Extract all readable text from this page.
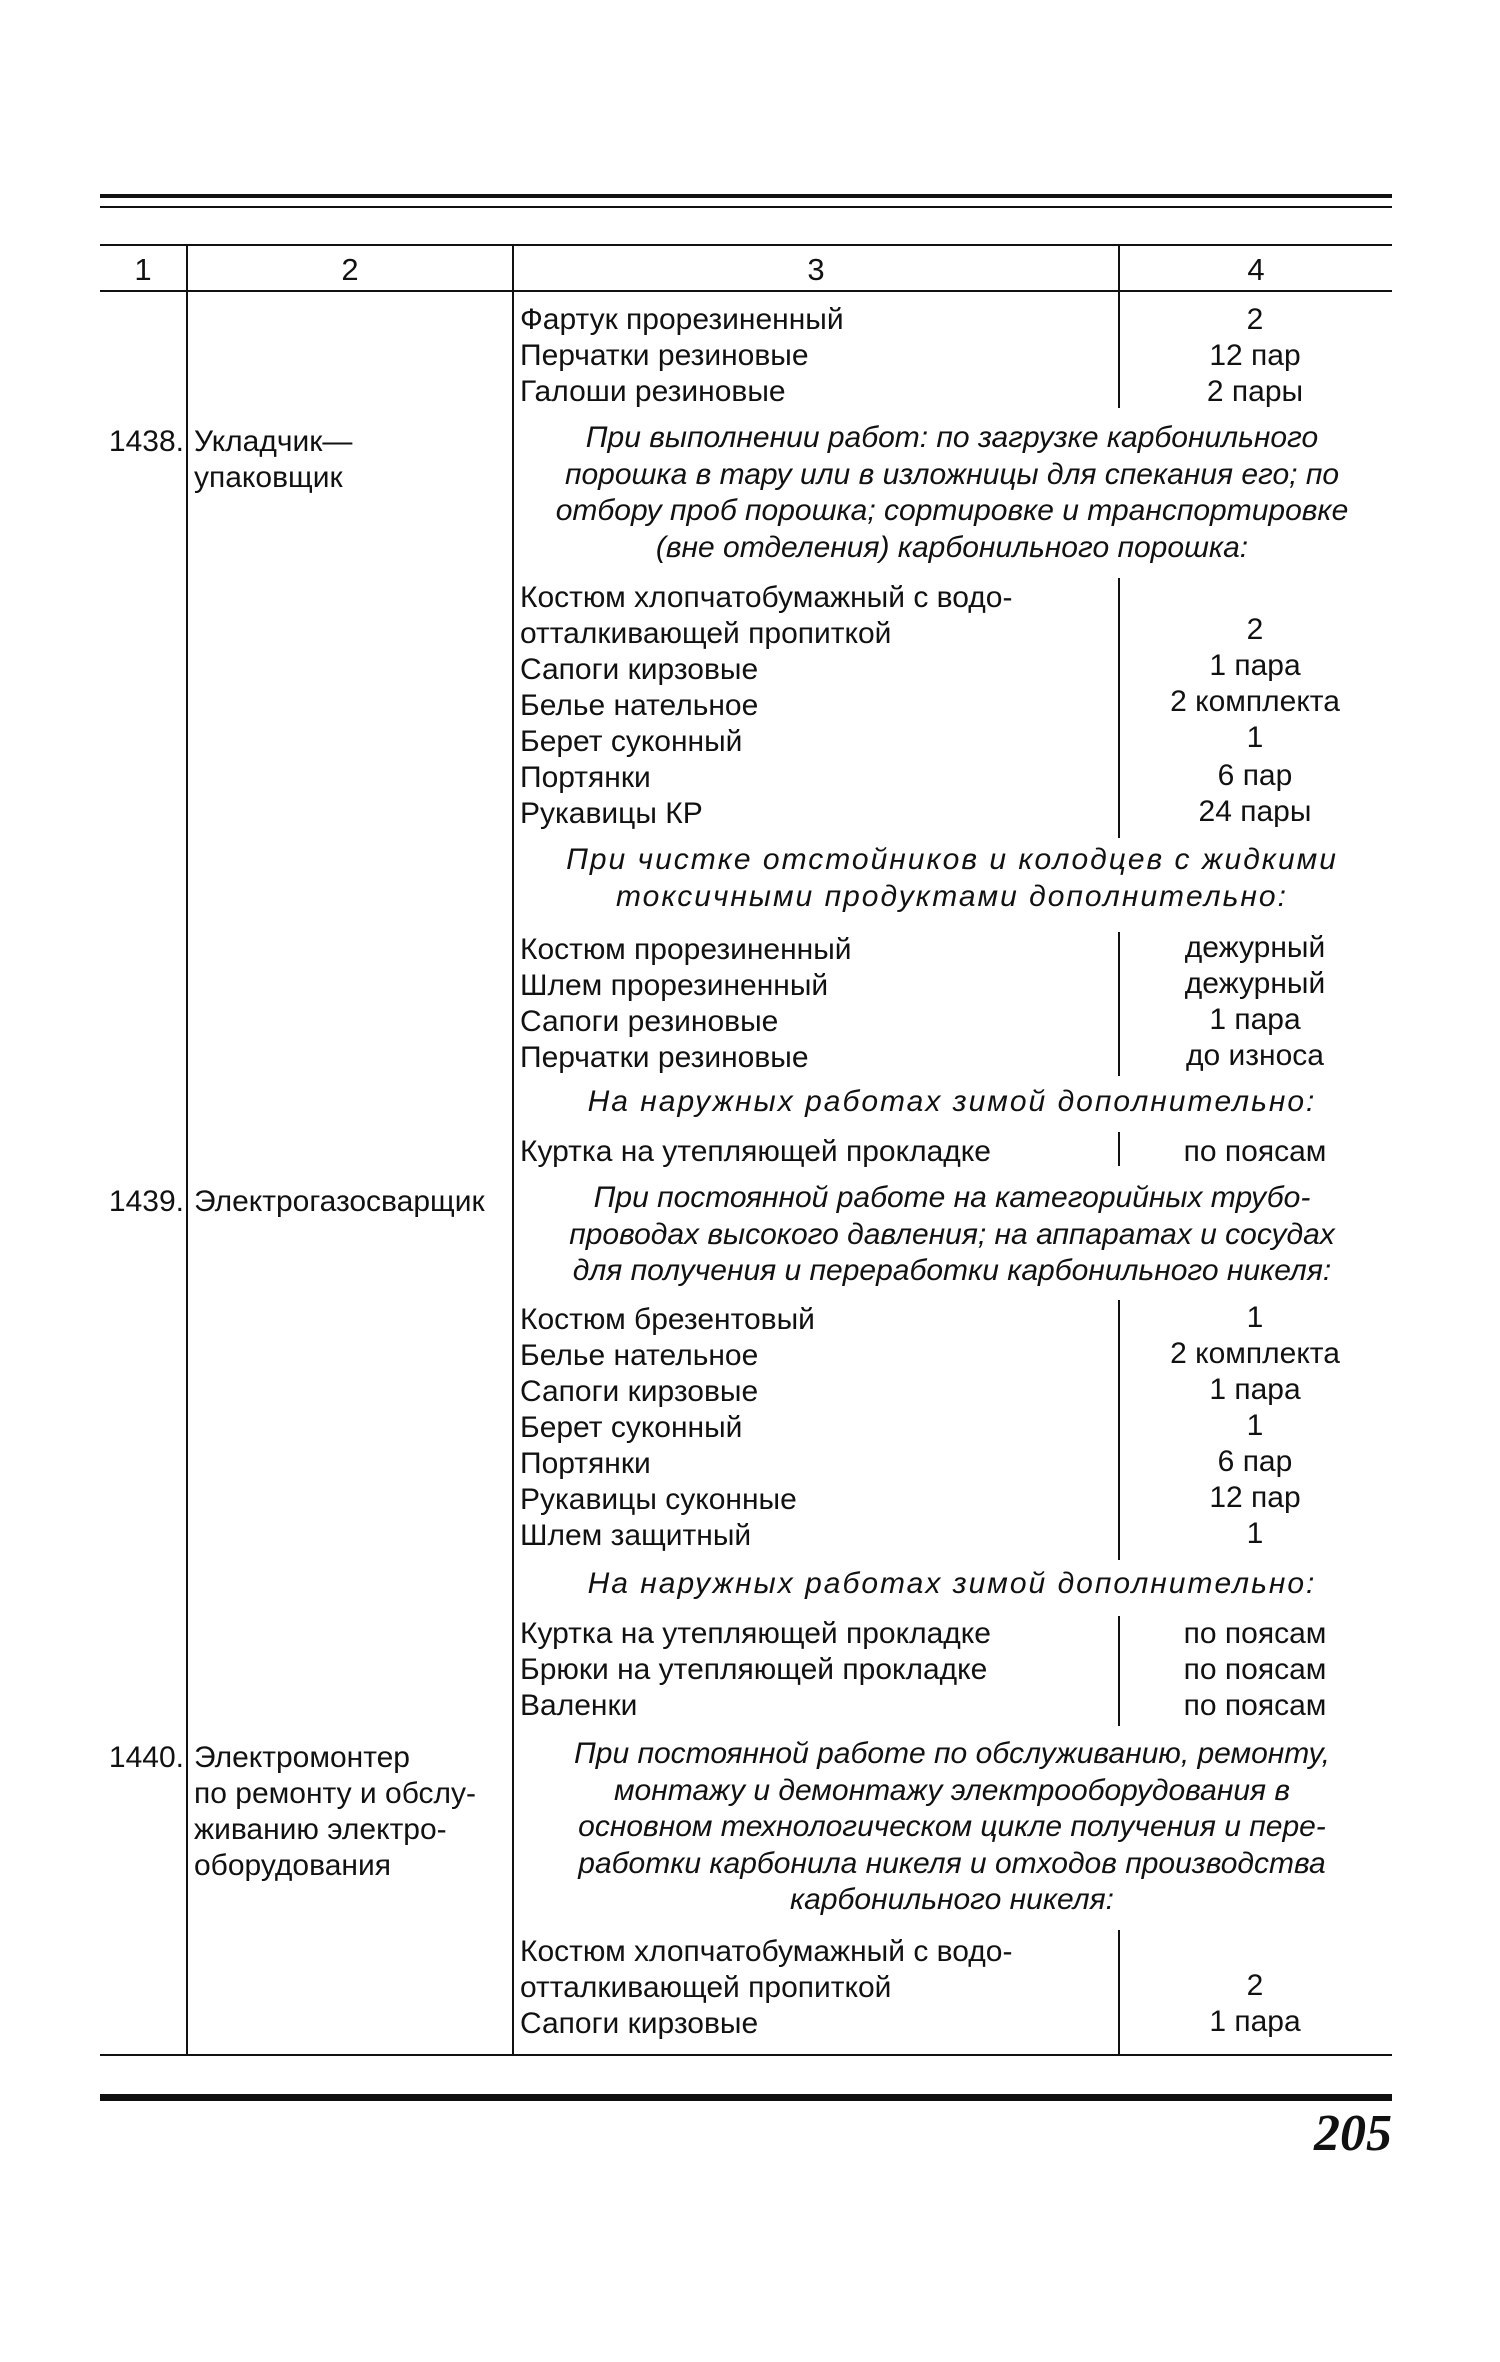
1	2	3	4
Фартук прорезиненный	2
Перчатки резиновые	12 пар
Галоши резиновые	2 пары
1438. Укладчик—
упаковщик
При выполнении работ: по загрузке карбонильного
порошка в тару или в изложницы для спекания его; по
отбору проб порошка; сортировке и транспортировке
(вне отделения) карбонильного порошка:
Костюм хлопчатобумажный с водо-
отталкивающей пропиткой	2
Сапоги кирзовые	1 пара
Белье нательное	2 комплекта
Берет суконный	1
Портянки	6 пар
Рукавицы КР	24 пары
При чистке отстойников и колодцев с жидкими
токсичными продуктами дополнительно:
Костюм прорезиненный	дежурный
Шлем прорезиненный	дежурный
Сапоги резиновые	1 пара
Перчатки резиновые	до износа
На наружных работах зимой дополнительно:
Куртка на утепляющей прокладке	по поясам
1439. Электрогазосварщик	При постоянной работе на категорийных трубо-
проводах высокого давления; на аппаратах и сосудах
для получения и переработки карбонильного никеля:
Костюм брезентовый	1
Белье нательное	2 комплекта
Сапоги кирзовые	1 пара
Берет суконный	1
Портянки	6 пар
Рукавицы суконные	12 пар
Шлем защитный	1
На наружных работах зимой дополнительно:
Куртка на утепляющей прокладке	по поясам
Брюки на утепляющей прокладке	по поясам
Валенки	по поясам
1440. Электромонтер
по ремонту и обслу-
живанию электро-
оборудования
При постоянной работе по обслуживанию, ремонту,
монтажу и демонтажу электрооборудования в
основном технологическом цикле получения и пере-
работки карбонила никеля и отходов производства
карбонильного никеля:
Костюм хлопчатобумажный с водо-
отталкивающей пропиткой	2
Сапоги кирзовые	1 пара
205
